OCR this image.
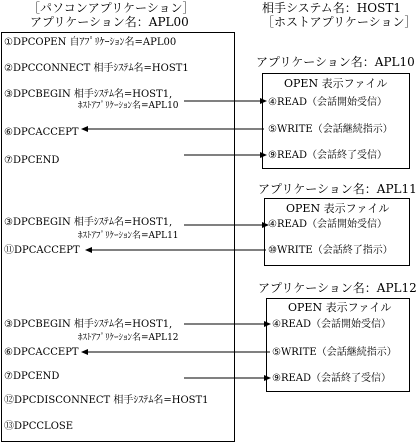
［パソコンアプリケーション］
アプリケーション名：APL00
相手システム名：HOST1
［ホストアプリケーション］
①DPCOPEN 自ｱﾌﾟﾘｹｰｼｮﾝ名=APL00
②DPCCONNECT 相手ｼｽﾃﾑ名=HOST1
③DPCBEGIN 相手ｼｽﾃﾑ名=HOST1,
ﾎｽﾄｱﾌﾟﾘｹｰｼｮﾝ名=APL10
⑥DPCACCEPT
⑦DPCEND
③DPCBEGIN 相手ｼｽﾃﾑ名=HOST1,
ﾎｽﾄｱﾌﾟﾘｹｰｼｮﾝ名=APL11
⑪DPCACCEPT
③DPCBEGIN 相手ｼｽﾃﾑ名=HOST1,
ﾎｽﾄｱﾌﾟﾘｹｰｼｮﾝ名=APL12
⑥DPCACCEPT
⑦DPCEND
⑫DPCDISCONNECT 相手ｼｽﾃﾑ名=HOST1
⑬DPCCLOSE
アプリケーション名：APL10
OPEN 表示ファイル
④READ（会話開始受信）
⑤WRITE（会話継続指示）
⑨READ（会話終了受信）
アプリケーション名：APL11
OPEN 表示ファイル
④READ（会話開始受信）
⑩WRITE（会話終了指示）
アプリケーション名：APL12
OPEN 表示ファイル
④READ（会話開始受信）
⑤WRITE（会話継続指示）
⑨READ（会話終了受信）
